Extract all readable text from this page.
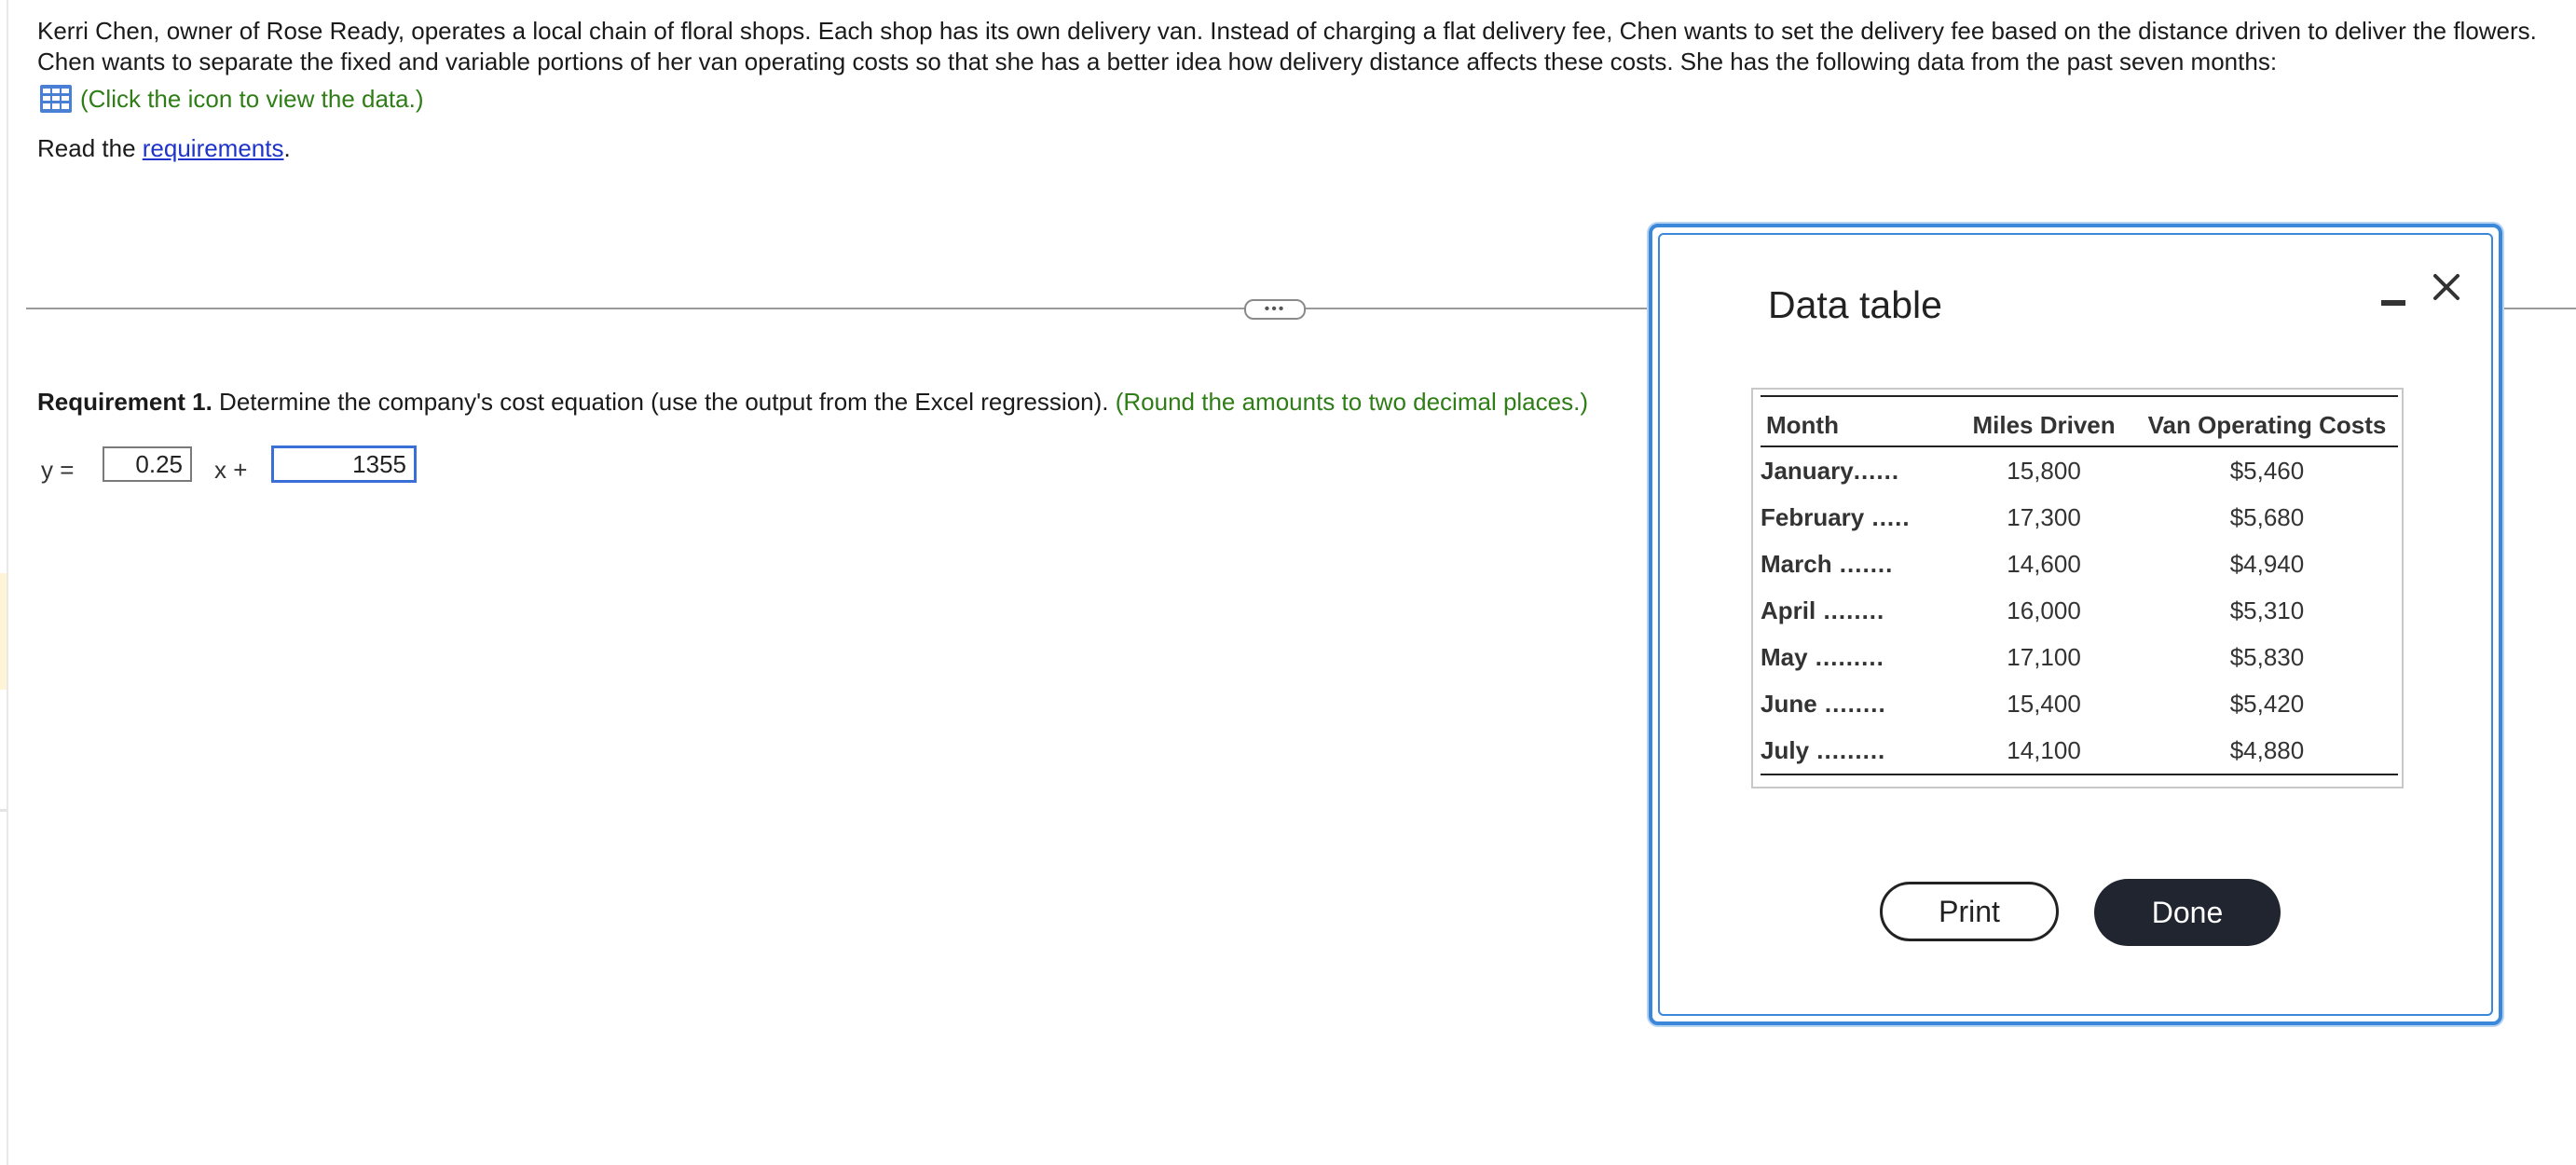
Kerri Chen, owner of Rose Ready, operates a local chain of floral shops. Each shop has its own delivery van. Instead of charging a flat delivery fee, Chen wants to set the delivery fee based on the distance driven to deliver the flowers. Chen wants to separate the fixed and variable portions of her van operating costs so that she has a better idea how delivery distance affects these costs. She has the following data from the past seven months:

(Click the icon to view the data.)
Read the requirements.
•••
Requirement 1. Determine the company's cost equation (use the output from the Excel regression). (Round the amounts to two decimal places.)
y =
0.25	x +
1355
Data table
Month	Miles Driven	Van Operating Costs
January......	15,800	$5,460
February .....	17,300	$5,680
March .......	14,600	$4,940
April ........	16,000	$5,310
May .........	17,100	$5,830
June ........	15,400	$5,420
July .........	14,100	$4,880
Print	Done
